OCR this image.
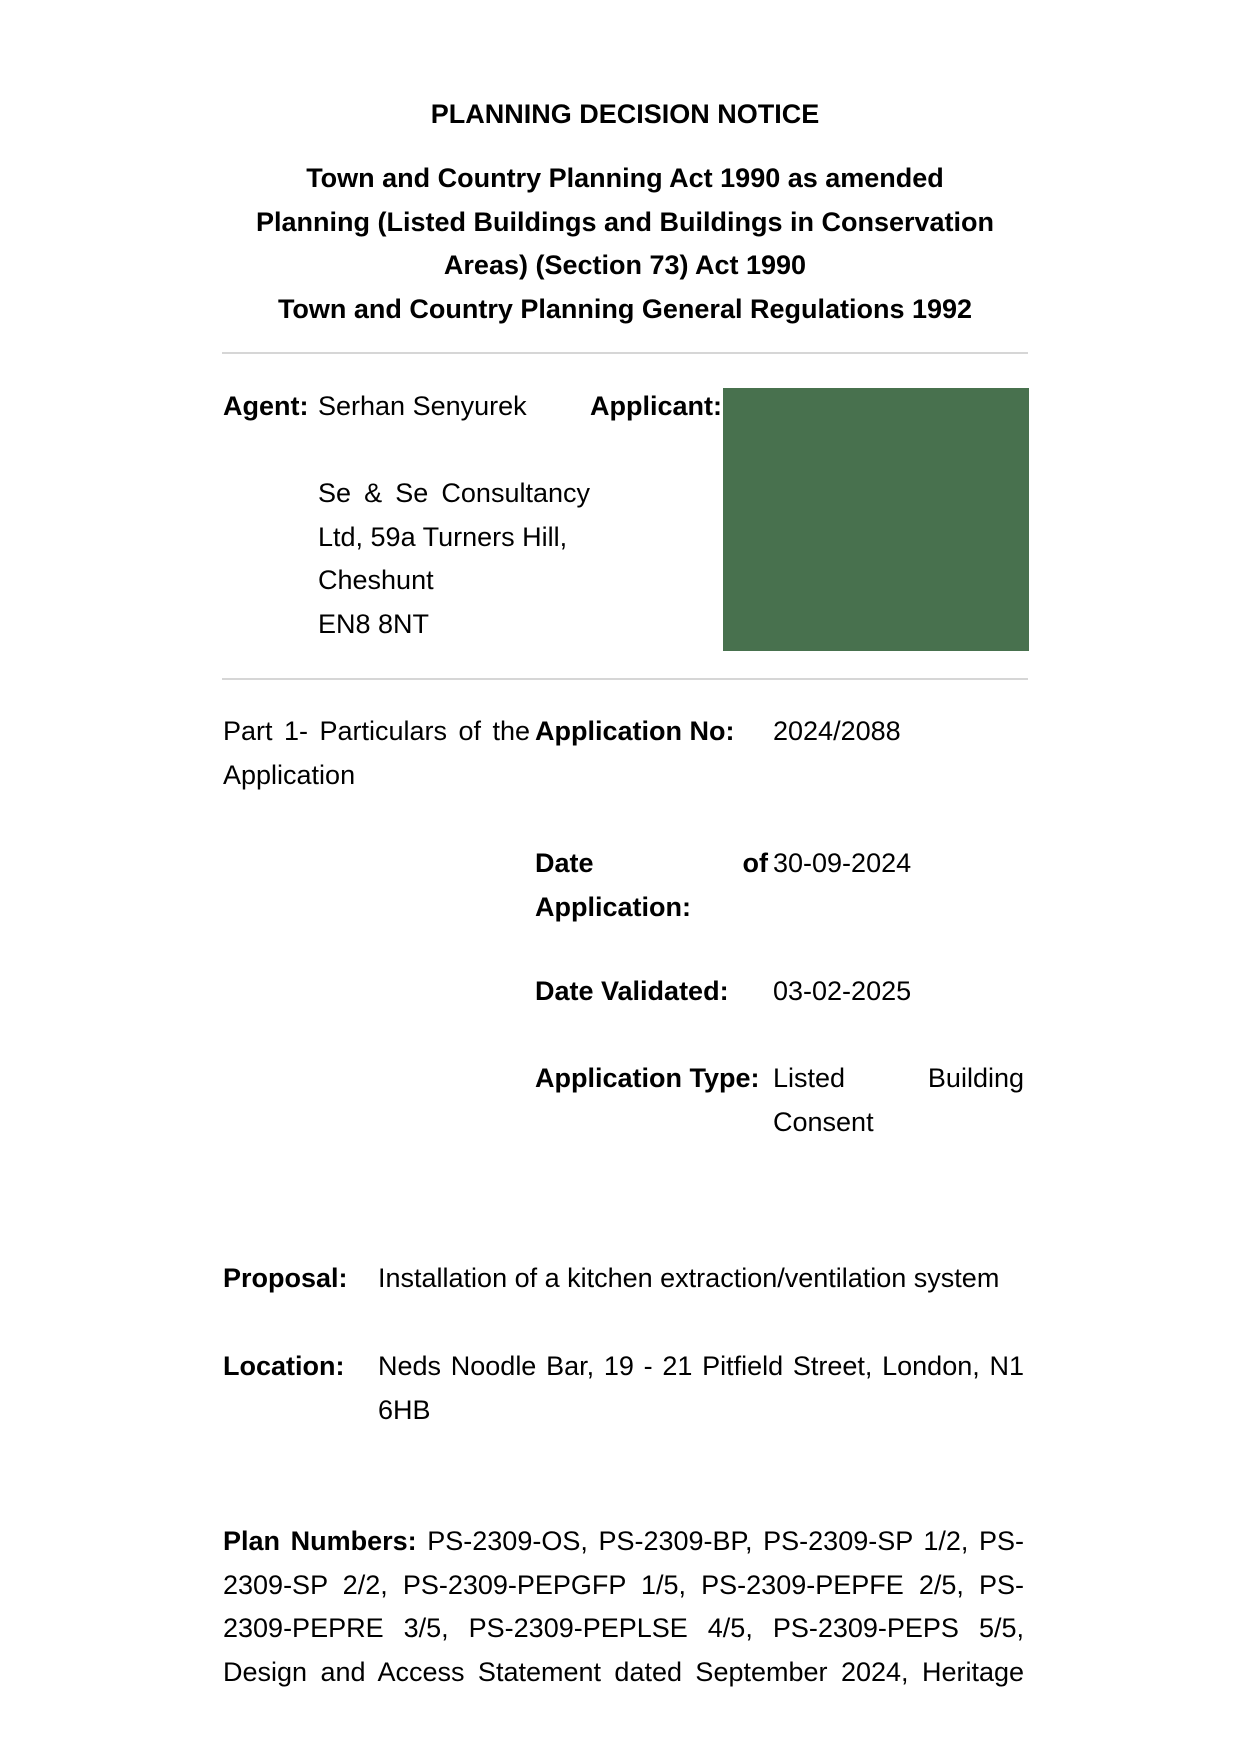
PLANNING DECISION NOTICE
Town and Country Planning Act 1990 as amended
Planning (Listed Buildings and Buildings in Conservation
Areas) (Section 73) Act 1990
Town and Country Planning General Regulations 1992
Agent: Serhan Senyurek Applicant:
Se & Se Consultancy
Ltd, 59a Turners Hill,
Cheshunt
EN8 8NT
Part 1- Particulars of the
Application
Application No: 2024/2088
Date of
Application:
30-09-2024
Date Validated: 03-02-2025
Application Type: Listed Building
Consent
Proposal: Installation of a kitchen extraction/ventilation system
Location: Neds Noodle Bar, 19 - 21 Pitfield Street, London, N1
6HB
Plan Numbers: PS-2309-OS, PS-2309-BP, PS-2309-SP 1/2, PS-
2309-SP 2/2, PS-2309-PEPGFP 1/5, PS-2309-PEPFE 2/5, PS-
2309-PEPRE 3/5, PS-2309-PEPLSE 4/5, PS-2309-PEPS 5/5,
Design and Access Statement dated September 2024, Heritage
